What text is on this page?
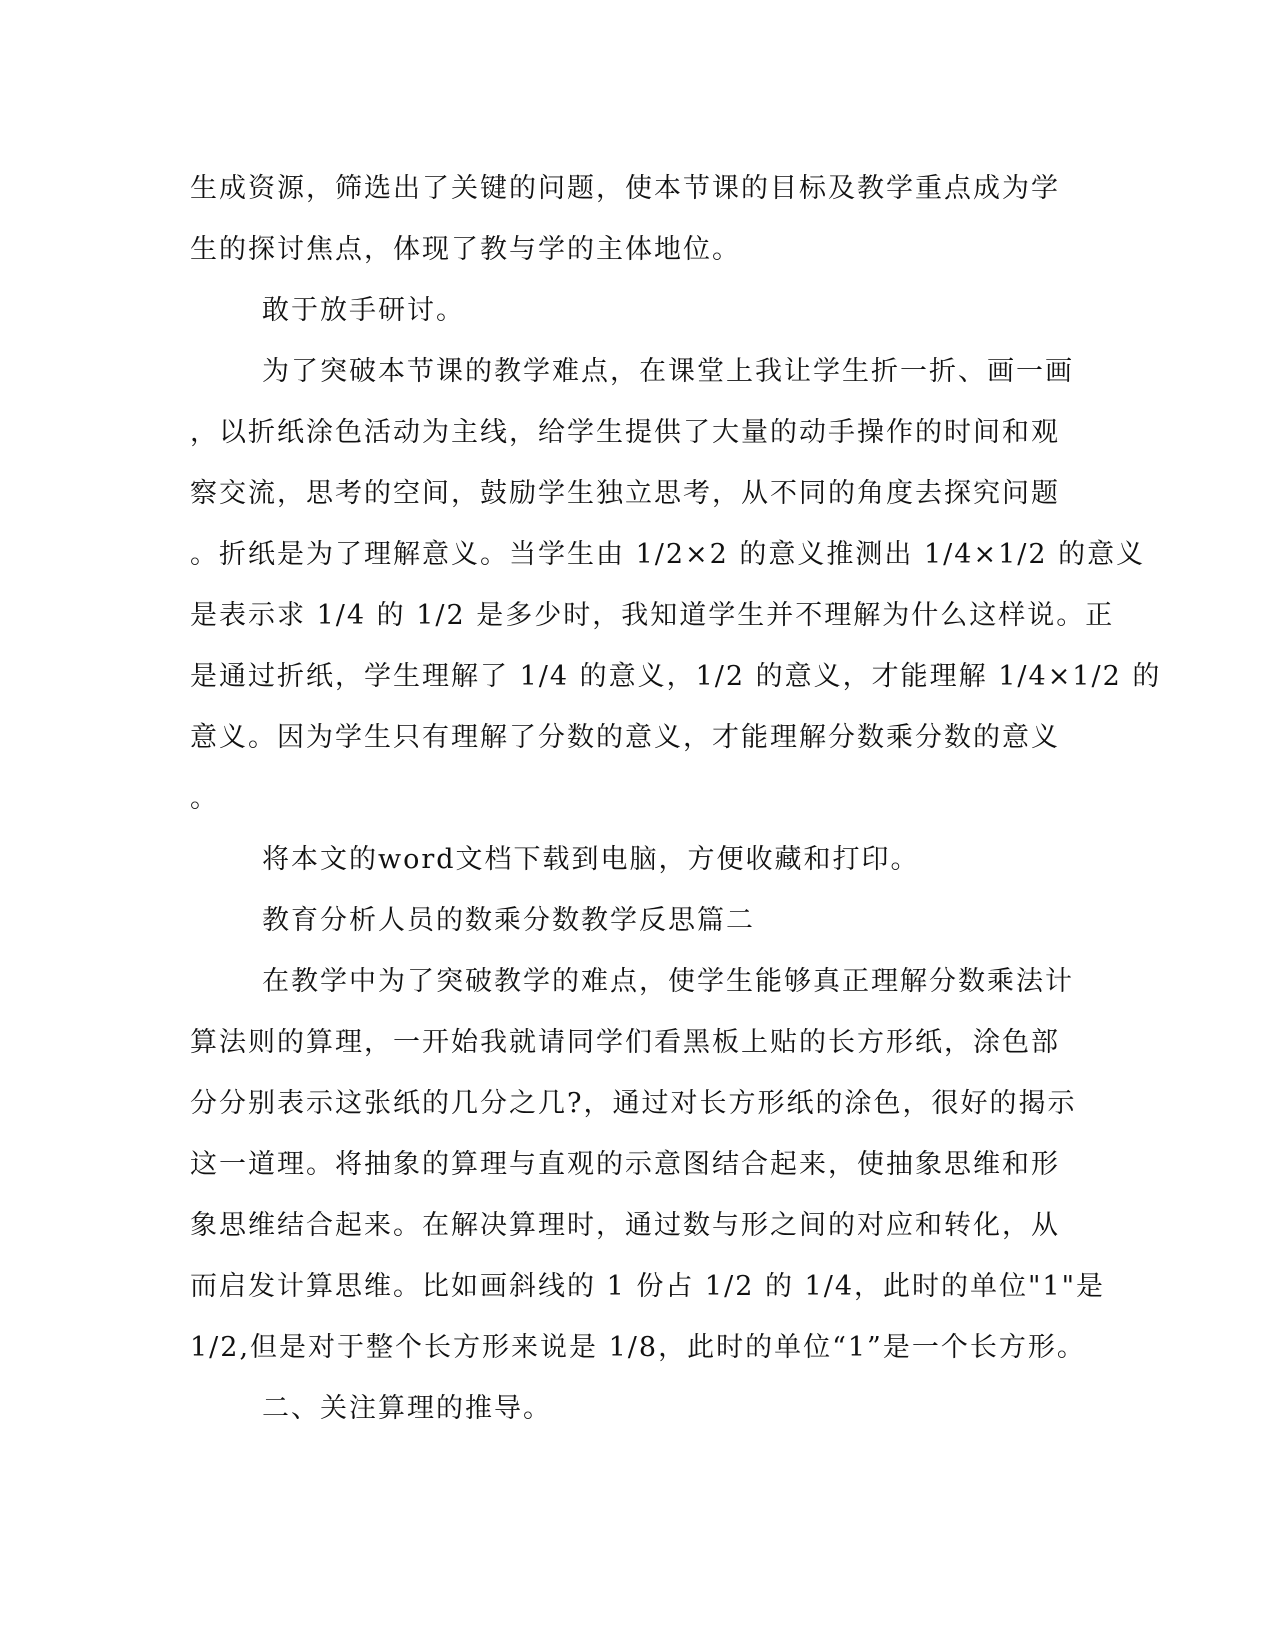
生成资源，筛选出了关键的问题，使本节课的目标及教学重点成为学
生的探讨焦点，体现了教与学的主体地位。
敢于放手研讨。
为了突破本节课的教学难点，在课堂上我让学生折一折、画一画
，以折纸涂色活动为主线，给学生提供了大量的动手操作的时间和观
察交流，思考的空间，鼓励学生独立思考，从不同的角度去探究问题
。折纸是为了理解意义。当学生由 1/2×2 的意义推测出 1/4×1/2 的意义
是表示求 1/4 的 1/2 是多少时，我知道学生并不理解为什么这样说。正
是通过折纸，学生理解了 1/4 的意义，1/2 的意义，才能理解 1/4×1/2 的
意义。因为学生只有理解了分数的意义，才能理解分数乘分数的意义
。
将本文的word文档下载到电脑，方便收藏和打印。
教育分析人员的数乘分数教学反思篇二
在教学中为了突破教学的难点，使学生能够真正理解分数乘法计
算法则的算理，一开始我就请同学们看黑板上贴的长方形纸，涂色部
分分别表示这张纸的几分之几?，通过对长方形纸的涂色，很好的揭示
这一道理。将抽象的算理与直观的示意图结合起来，使抽象思维和形
象思维结合起来。在解决算理时，通过数与形之间的对应和转化，从
而启发计算思维。比如画斜线的 1 份占 1/2 的 1/4，此时的单位"1"是
1/2,但是对于整个长方形来说是 1/8，此时的单位“1”是一个长方形。
二、关注算理的推导。
